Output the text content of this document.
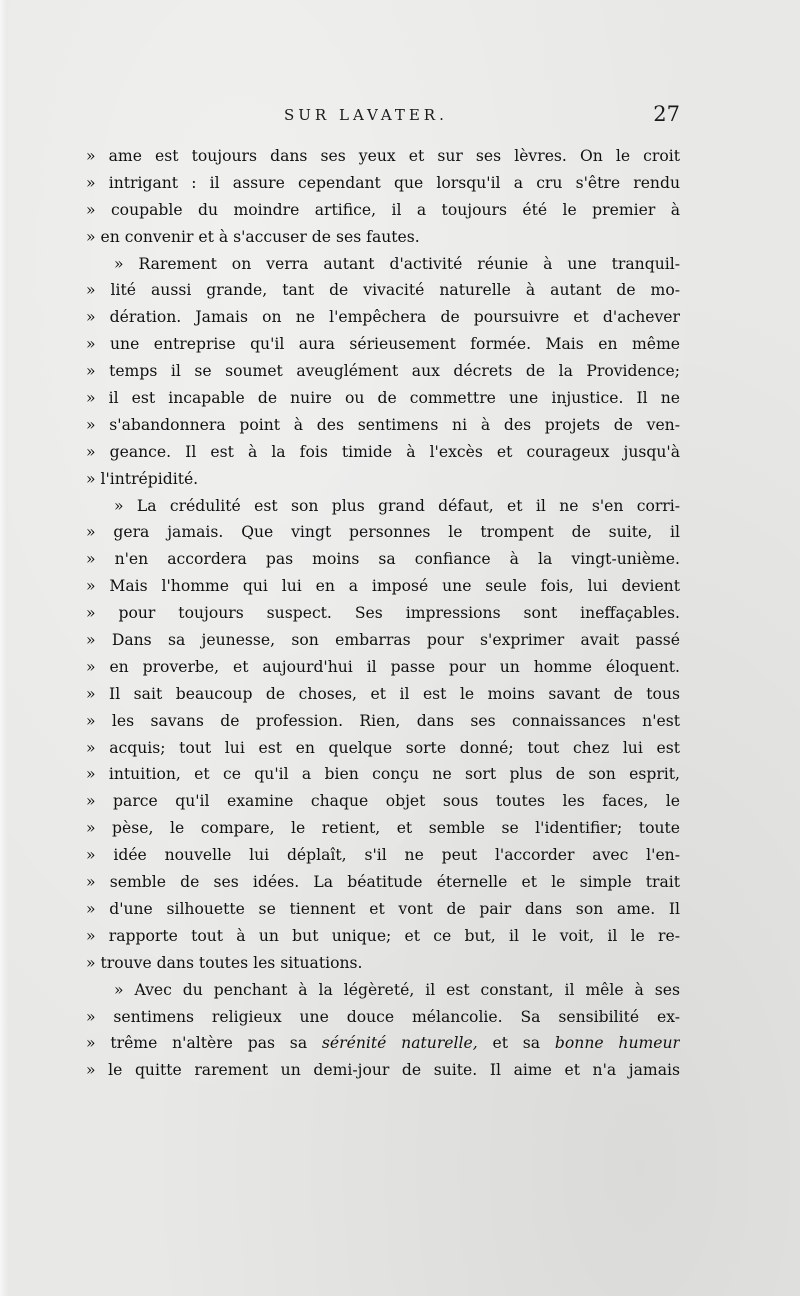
SUR LAVATER.	27
» ame est toujours dans ses yeux et sur ses lèvres. On le croit
» intrigant : il assure cependant que lorsqu'il a cru s'être rendu
» coupable du moindre artifice, il a toujours été le premier à
» en convenir et à s'accuser de ses fautes.
» Rarement on verra autant d'activité réunie à une tranquil-
» lité aussi grande, tant de vivacité naturelle à autant de mo-
» dération. Jamais on ne l'empêchera de poursuivre et d'achever
» une entreprise qu'il aura sérieusement formée. Mais en même
» temps il se soumet aveuglément aux décrets de la Providence;
» il est incapable de nuire ou de commettre une injustice. Il ne
» s'abandonnera point à des sentimens ni à des projets de ven-
» geance. Il est à la fois timide à l'excès et courageux jusqu'à
» l'intrépidité.
» La crédulité est son plus grand défaut, et il ne s'en corri-
» gera jamais. Que vingt personnes le trompent de suite, il
» n'en accordera pas moins sa confiance à la vingt-unième.
» Mais l'homme qui lui en a imposé une seule fois, lui devient
» pour toujours suspect. Ses impressions sont ineffaçables.
» Dans sa jeunesse, son embarras pour s'exprimer avait passé
» en proverbe, et aujourd'hui il passe pour un homme éloquent.
» Il sait beaucoup de choses, et il est le moins savant de tous
» les savans de profession. Rien, dans ses connaissances n'est
» acquis; tout lui est en quelque sorte donné; tout chez lui est
» intuition, et ce qu'il a bien conçu ne sort plus de son esprit,
» parce qu'il examine chaque objet sous toutes les faces, le
» pèse, le compare, le retient, et semble se l'identifier; toute
» idée nouvelle lui déplaît, s'il ne peut l'accorder avec l'en-
» semble de ses idées. La béatitude éternelle et le simple trait
» d'une silhouette se tiennent et vont de pair dans son ame. Il
» rapporte tout à un but unique; et ce but, il le voit, il le re-
» trouve dans toutes les situations.
» Avec du penchant à la légèreté, il est constant, il mêle à ses
» sentimens religieux une douce mélancolie. Sa sensibilité ex-
» trême n'altère pas sa sérénité naturelle, et sa bonne humeur
» le quitte rarement un demi-jour de suite. Il aime et n'a jamais
